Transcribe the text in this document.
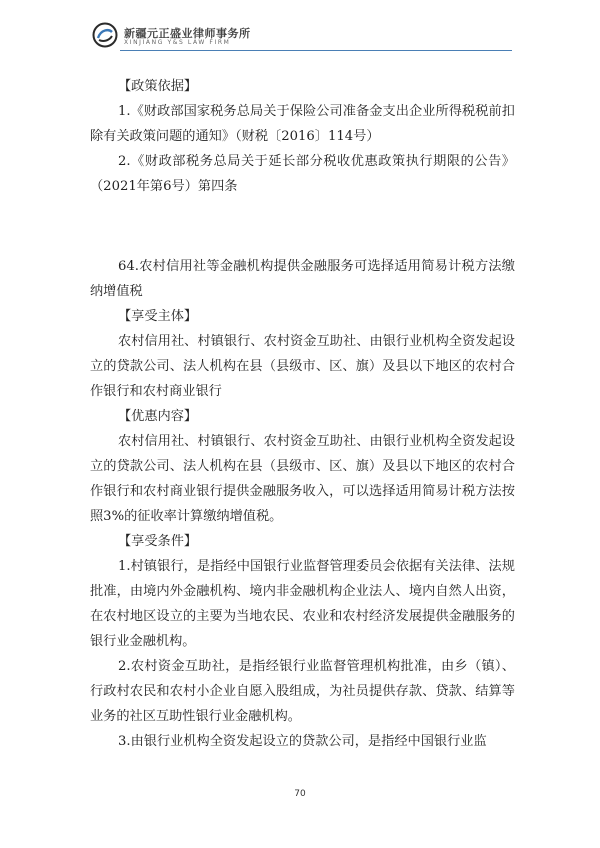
新疆元正盛业律师事务所
XINJIANG Y&S LAW FIRM

【政策依据】

1.《财政部国家税务总局关于保险公司准备金支出企业所得税税前扣除有关政策问题的通知》（财税〔2016〕114号）

2.《财政部税务总局关于延长部分税收优惠政策执行期限的公告》（2021年第6号）第四条

64.农村信用社等金融机构提供金融服务可选择适用简易计税方法缴纳增值税

【享受主体】

农村信用社、村镇银行、农村资金互助社、由银行业机构全资发起设立的贷款公司、法人机构在县（县级市、区、旗）及县以下地区的农村合作银行和农村商业银行

【优惠内容】

农村信用社、村镇银行、农村资金互助社、由银行业机构全资发起设立的贷款公司、法人机构在县（县级市、区、旗）及县以下地区的农村合作银行和农村商业银行提供金融服务收入，可以选择适用简易计税方法按照3%的征收率计算缴纳增值税。

【享受条件】

1.村镇银行，是指经中国银行业监督管理委员会依据有关法律、法规批准，由境内外金融机构、境内非金融机构企业法人、境内自然人出资，在农村地区设立的主要为当地农民、农业和农村经济发展提供金融服务的银行业金融机构。

2.农村资金互助社，是指经银行业监督管理机构批准，由乡（镇）、行政村农民和农村小企业自愿入股组成，为社员提供存款、贷款、结算等业务的社区互助性银行业金融机构。

3.由银行业机构全资发起设立的贷款公司，是指经中国银行业监

70
